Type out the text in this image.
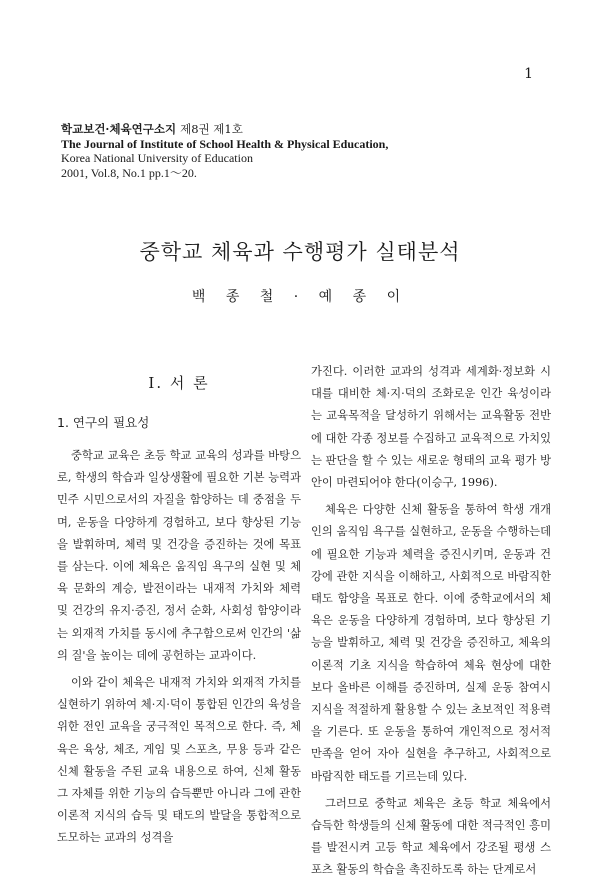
1
학교보건·체육연구소지 제8권 제1호
The Journal of Institute of School Health & Physical Education,
Korea National University of Education
2001, Vol.8, No.1 pp.1～20.
중학교 체육과 수행평가 실태분석
백 종 철 · 예 종 이
Ⅰ. 서 론
1. 연구의 필요성

중학교 교육은 초등 학교 교육의 성과를 바탕으로, 학생의 학습과 일상생활에 필요한 기본 능력과 민주 시민으로서의 자질을 함양하는 데 중점을 두며, 운동을 다양하게 경험하고, 보다 향상된 기능을 발휘하며, 체력 및 건강을 증진하는 것에 목표를 삼는다. 이에 체육은 움직임 욕구의 실현 및 체육 문화의 계승, 발전이라는 내재적 가치와 체력 및 건강의 유지·증진, 정서 순화, 사회성 함양이라는 외재적 가치를 동시에 추구함으로써 인간의 '삶의 질'을 높이는 데에 공헌하는 교과이다.

이와 같이 체육은 내재적 가치와 외재적 가치를 실현하기 위하여 체·지·덕이 통합된 인간의 육성을 위한 전인 교육을 궁극적인 목적으로 한다. 즉, 체육은 육상, 체조, 게임 및 스포츠, 무용 등과 같은 신체 활동을 주된 교육 내용으로 하여, 신체 활동 그 자체를 위한 기능의 습득뿐만 아니라 그에 관한 이론적 지식의 습득 및 태도의 발달을 통합적으로 도모하는 교과의 성격을

가진다. 이러한 교과의 성격과 세계화·정보화 시대를 대비한 체·지·덕의 조화로운 인간 육성이라는 교육목적을 달성하기 위해서는 교육활동 전반에 대한 각종 정보를 수집하고 교육적으로 가치있는 판단을 할 수 있는 새로운 형태의 교육 평가 방안이 마련되어야 한다(이승구, 1996).

체육은 다양한 신체 활동을 통하여 학생 개개인의 움직임 욕구를 실현하고, 운동을 수행하는데에 필요한 기능과 체력을 증진시키며, 운동과 건강에 관한 지식을 이해하고, 사회적으로 바람직한 태도 함양을 목표로 한다. 이에 중학교에서의 체육은 운동을 다양하게 경험하며, 보다 향상된 기능을 발휘하고, 체력 및 건강을 증진하고, 체육의 이론적 기초 지식을 학습하여 체육 현상에 대한 보다 올바른 이해를 증진하며, 실제 운동 참여시 지식을 적절하게 활용할 수 있는 초보적인 적용력을 기른다. 또 운동을 통하여 개인적으로 정서적 만족을 얻어 자아 실현을 추구하고, 사회적으로 바람직한 태도를 기르는데 있다.

그러므로 중학교 체육은 초등 학교 체육에서 습득한 학생들의 신체 활동에 대한 적극적인 흥미를 발전시켜 고등 학교 체육에서 강조될 평생 스포츠 활동의 학습을 촉진하도록 하는 단계로서
